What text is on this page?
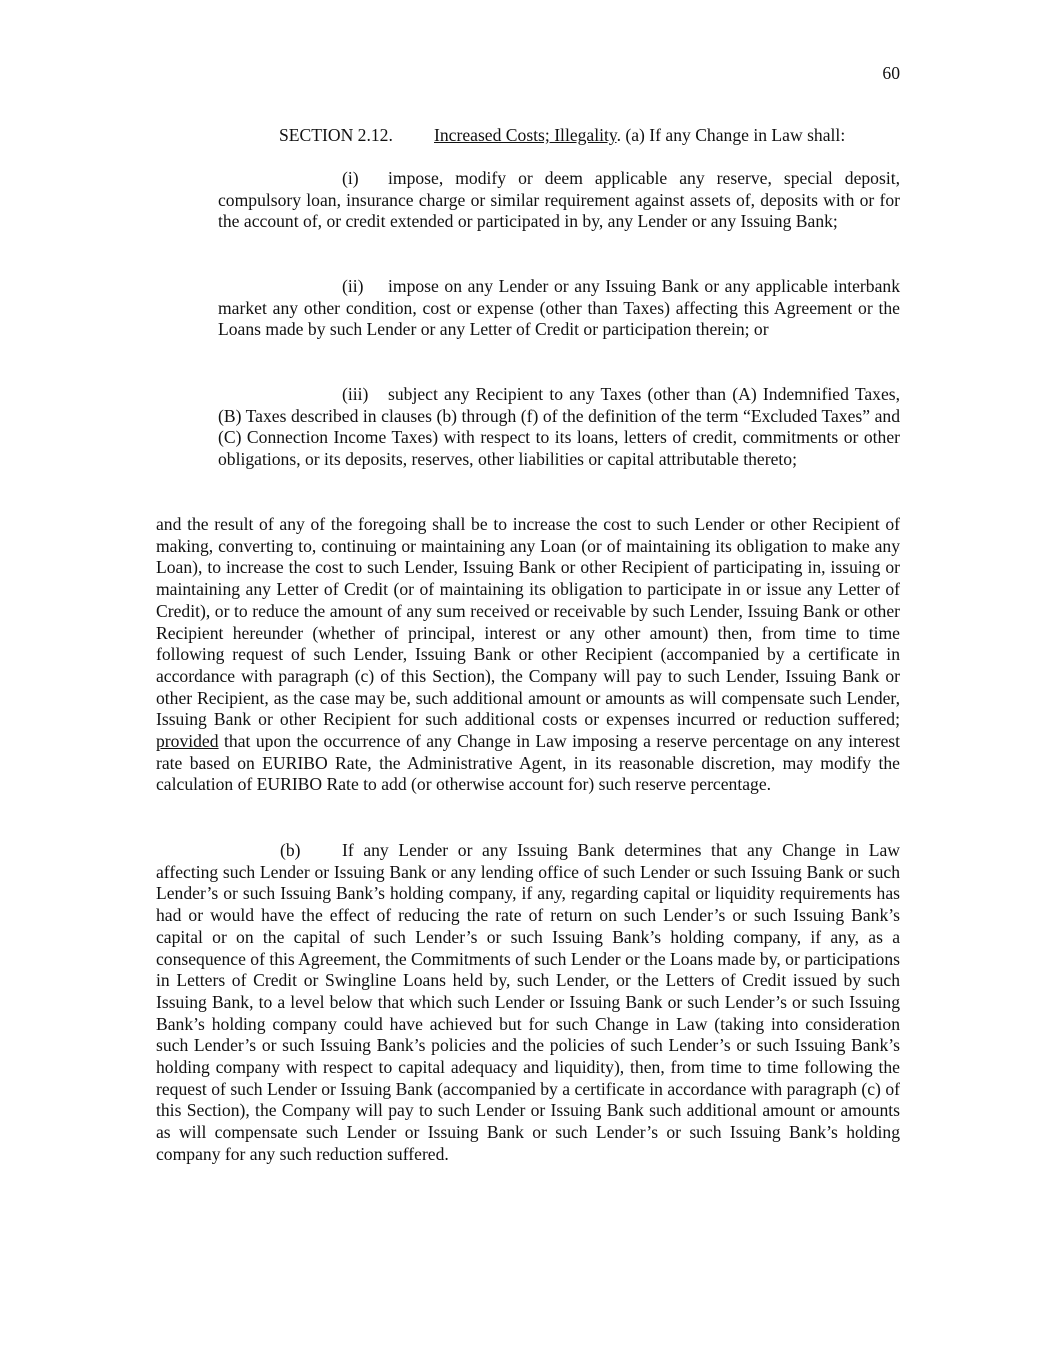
60

SECTION 2.12. Increased Costs; Illegality. (a) If any Change in Law shall:

(i) impose, modify or deem applicable any reserve, special deposit, compulsory loan, insurance charge or similar requirement against assets of, deposits with or for the account of, or credit extended or participated in by, any Lender or any Issuing Bank;

(ii) impose on any Lender or any Issuing Bank or any applicable interbank market any other condition, cost or expense (other than Taxes) affecting this Agreement or the Loans made by such Lender or any Letter of Credit or participation therein; or

(iii) subject any Recipient to any Taxes (other than (A) Indemnified Taxes, (B) Taxes described in clauses (b) through (f) of the definition of the term “Excluded Taxes” and (C) Connection Income Taxes) with respect to its loans, letters of credit, commitments or other obligations, or its deposits, reserves, other liabilities or capital attributable thereto;

and the result of any of the foregoing shall be to increase the cost to such Lender or other Recipient of making, converting to, continuing or maintaining any Loan (or of maintaining its obligation to make any Loan), to increase the cost to such Lender, Issuing Bank or other Recipient of participating in, issuing or maintaining any Letter of Credit (or of maintaining its obligation to participate in or issue any Letter of Credit), or to reduce the amount of any sum received or receivable by such Lender, Issuing Bank or other Recipient hereunder (whether of principal, interest or any other amount) then, from time to time following request of such Lender, Issuing Bank or other Recipient (accompanied by a certificate in accordance with paragraph (c) of this Section), the Company will pay to such Lender, Issuing Bank or other Recipient, as the case may be, such additional amount or amounts as will compensate such Lender, Issuing Bank or other Recipient for such additional costs or expenses incurred or reduction suffered; provided that upon the occurrence of any Change in Law imposing a reserve percentage on any interest rate based on EURIBO Rate, the Administrative Agent, in its reasonable discretion, may modify the calculation of EURIBO Rate to add (or otherwise account for) such reserve percentage.

(b) If any Lender or any Issuing Bank determines that any Change in Law affecting such Lender or Issuing Bank or any lending office of such Lender or such Issuing Bank or such Lender’s or such Issuing Bank’s holding company, if any, regarding capital or liquidity requirements has had or would have the effect of reducing the rate of return on such Lender’s or such Issuing Bank’s capital or on the capital of such Lender’s or such Issuing Bank’s holding company, if any, as a consequence of this Agreement, the Commitments of such Lender or the Loans made by, or participations in Letters of Credit or Swingline Loans held by, such Lender, or the Letters of Credit issued by such Issuing Bank, to a level below that which such Lender or Issuing Bank or such Lender’s or such Issuing Bank’s holding company could have achieved but for such Change in Law (taking into consideration such Lender’s or such Issuing Bank’s policies and the policies of such Lender’s or such Issuing Bank’s holding company with respect to capital adequacy and liquidity), then, from time to time following the request of such Lender or Issuing Bank (accompanied by a certificate in accordance with paragraph (c) of this Section), the Company will pay to such Lender or Issuing Bank such additional amount or amounts as will compensate such Lender or Issuing Bank or such Lender’s or such Issuing Bank’s holding company for any such reduction suffered.
